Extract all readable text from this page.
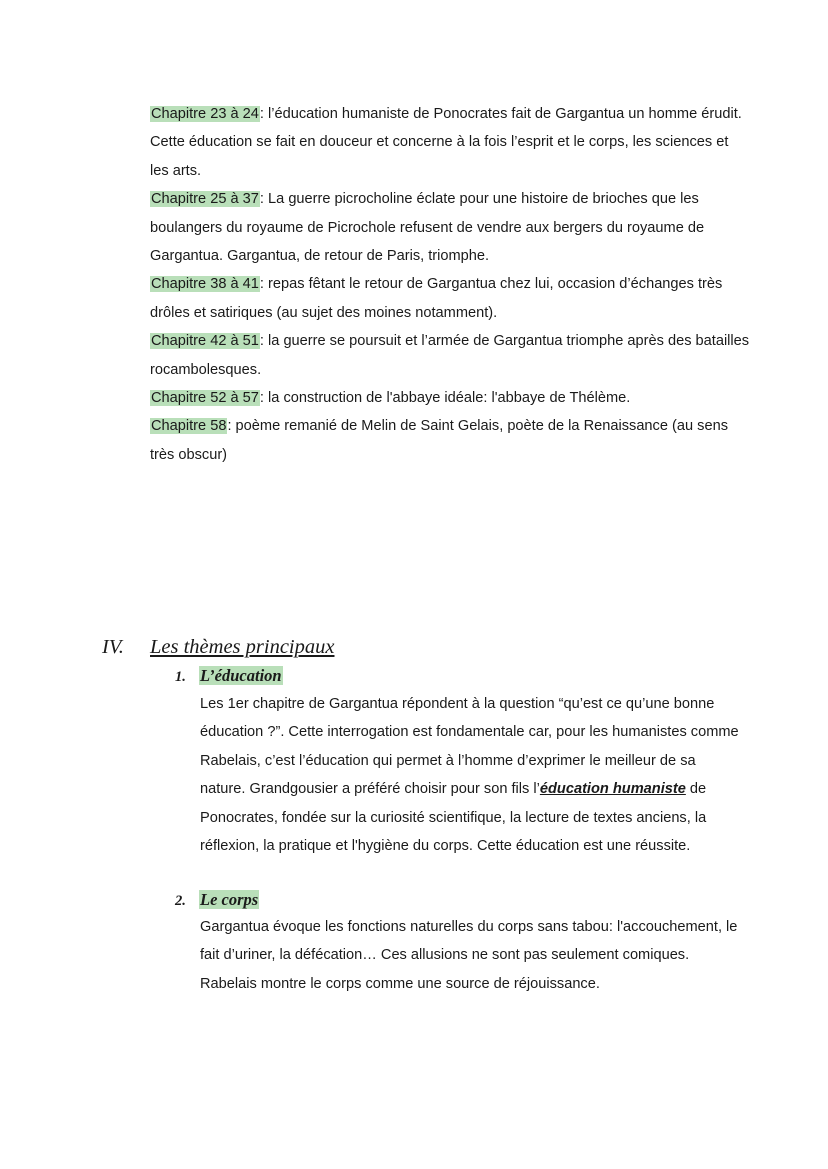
Chapitre 23 à 24: l’éducation humaniste de Ponocrates fait de Gargantua un homme érudit. Cette éducation se fait en douceur et concerne à la fois l’esprit et le corps, les sciences et les arts.

Chapitre 25 à 37: La guerre picrocholine éclate pour une histoire de brioches que les boulangers du royaume de Picrochole refusent de vendre aux bergers du royaume de Gargantua. Gargantua, de retour de Paris, triomphe.

Chapitre 38 à 41: repas fêtant le retour de Gargantua chez lui, occasion d’échanges très drôles et satiriques (au sujet des moines notamment).

Chapitre 42 à 51: la guerre se poursuit et l’armée de Gargantua triomphe après des batailles rocambolesques.

Chapitre 52 à 57: la construction de l'abbaye idéale: l'abbaye de Thélème.

Chapitre 58: poème remanié de Melin de Saint Gelais, poète de la Renaissance (au sens très obscur)

IV. Les thèmes principaux
1. L’éducation

Les 1er chapitre de Gargantua répondent à la question “qu’est ce qu’une bonne éducation ?”. Cette interrogation est fondamentale car, pour les humanistes comme Rabelais, c’est l’éducation qui permet à l’homme d’exprimer le meilleur de sa nature. Grandgousier a préféré choisir pour son fils l’éducation humaniste de Ponocrates, fondée sur la curiosité scientifique, la lecture de textes anciens, la réflexion, la pratique et l'hygiène du corps. Cette éducation est une réussite.

2. Le corps

Gargantua évoque les fonctions naturelles du corps sans tabou: l'accouchement, le fait d’uriner, la défécation… Ces allusions ne sont pas seulement comiques. Rabelais montre le corps comme une source de réjouissance.
